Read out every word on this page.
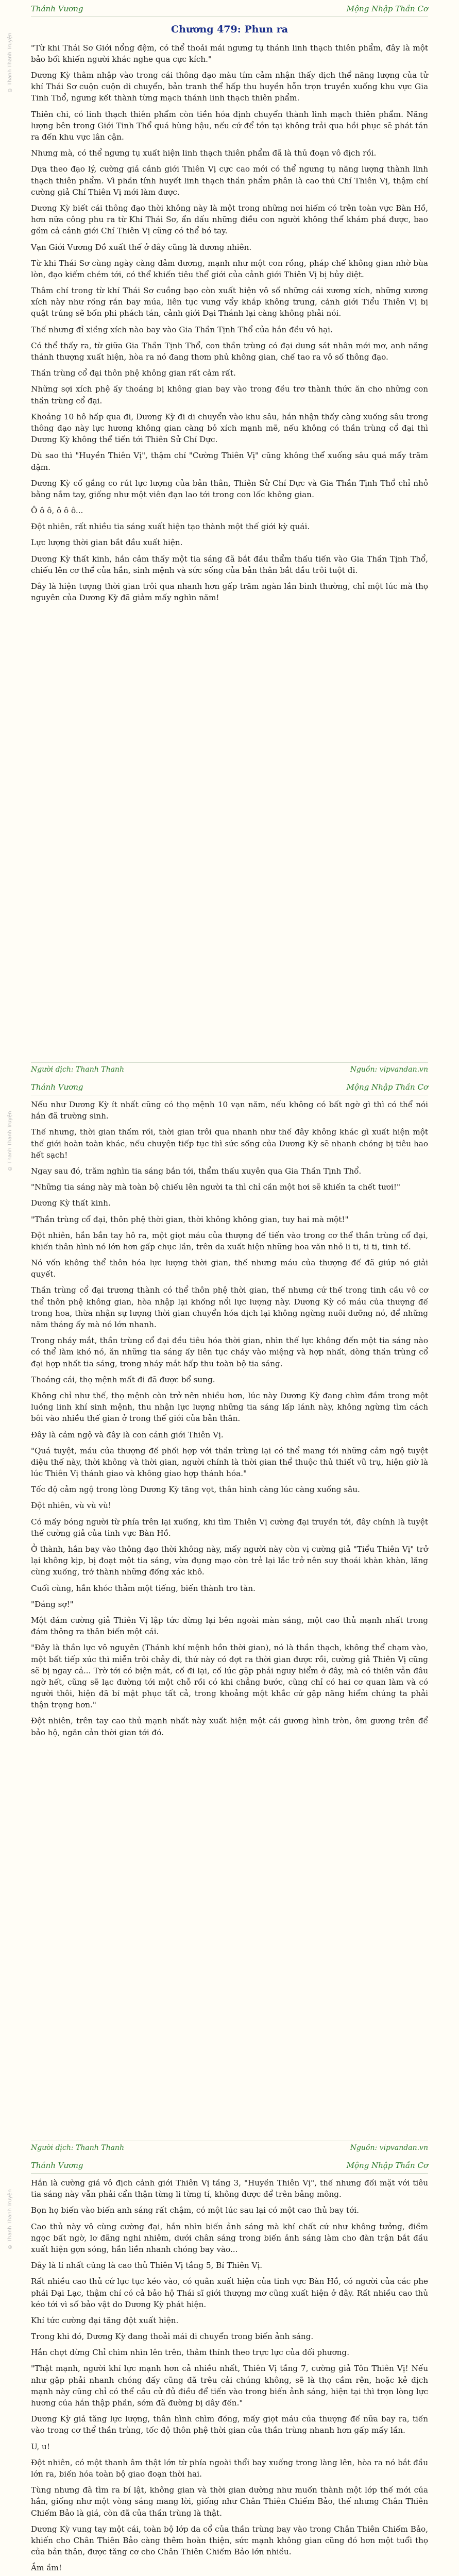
Thánh Vương	Mộng Nhập Thần Cơ
© Thanh Thanh Truyện
Chương 479: Phun ra

"Từ khi Thái Sơ Giới nổng đệm, có thể thoải mái ngưng tụ thánh linh thạch thiên phẩm, đây là một bảo bối khiến người khác nghe qua cực kích."

Dương Kỳ thâm nhập vào trong cái thông đạo màu tím cảm nhận thấy dịch thể năng lượng của tử khí Thái Sơ cuộn cuộn di chuyển, bản tranh thể hấp thu huyền hỗn trọn truyền xuống khu vực Gia Tinh Thổ, ngưng kết thành từng mạch thánh linh thạch thiên phẩm.

Thiên chi, có linh thạch thiên phẩm còn tiền hóa định chuyển thành linh mạch thiên phẩm. Năng lượng bên trong Giới Tinh Thổ quá hùng hậu, nếu cứ để tồn tại không trải qua hồi phục sẽ phát tán ra đến khu vực lân cận.

Nhưng mà, có thể ngưng tụ xuất hiện linh thạch thiên phẩm đã là thủ đoạn vô địch rồi.

Dựa theo đạo lý, cường giả cảnh giới Thiên Vị cực cao mới có thể ngưng tụ năng lượng thành linh thạch thiên phẩm. Vì phần tính huyết linh thạch thần phẩm phân là cao thủ Chí Thiên Vị, thậm chí cường giả Chí Thiên Vị mới làm được.

Dương Kỳ biết cái thông đạo thời không này là một trong những nơi hiếm có trên toàn vực Bàn Hồ, hơn nữa công phu ra từ Khí Thái Sơ, ẩn dấu những điều con người không thể khám phá được, bao gồm cả cảnh giới Chí Thiên Vị cũng có thể bó tay.

Vạn Giới Vương Đồ xuất thế ở đây cũng là đương nhiên.

Từ khi Thái Sơ cùng ngày càng đảm đương, mạnh như một con rồng, pháp chế không gian nhờ bùa lòn, đạo kiếm chém tới, có thể khiến tiêu thể giới của cảnh giới Thiên Vị bị hủy diệt.

Thâm chí trong từ khí Thái Sơ cuồng bạo còn xuất hiện vô số những cái xương xích, những xương xích này như rồng rắn bay múa, liên tục vung vẩy khắp không trung, cảnh giới Tiểu Thiên Vị bị quật trúng sẽ bốn phi phách tán, cảnh giới Đại Thánh lại càng không phải nói.

Thế nhưng đỉ xiềng xích nào bay vào Gia Thần Tịnh Thổ của hắn đều vô hại.

Có thể thấy ra, từ giữa Gia Thần Tịnh Thổ, con thần trùng có đại dung sát nhân mới mơ, anh năng thánh thượng xuất hiện, hòa ra nó đang thơm phủ không gian, chế tao ra vô số thông đạo.

Thần trùng cổ đại thôn phệ không gian rất cảm rất.

Những sợi xích phệ ấy thoáng bị không gian bay vào trong đều trơ thành thức ăn cho những con thần trùng cổ đại.

Khoảng 10 hô hấp qua đi, Dương Kỳ đi di chuyển vào khu sâu, hắn nhận thấy càng xuống sâu trong thông đạo này lực hương không gian càng bỏ xích mạnh mẽ, nếu không có thần trùng cổ đại thì Dương Kỳ không thể tiến tới Thiên Sử Chí Dực.

Dù sao thì "Huyền Thiên Vị", thậm chí "Cường Thiên Vị" cũng không thể xuống sâu quá mấy trăm dặm.

Dương Kỳ cố gắng co rút lực lượng của bản thân, Thiên Sử Chí Dực và Gia Thần Tịnh Thổ chỉ nhỏ bằng nắm tay, giống như một viên đạn lao tới trong con lốc không gian.

Ô ô ô, ô ô ô...

Đột nhiên, rất nhiều tia sáng xuất hiện tạo thành một thế giới kỳ quái.

Lực lượng thời gian bắt đầu xuất hiện.

Dương Kỳ thất kinh, hắn cảm thấy một tia sáng đã bắt đầu thẩm thấu tiến vào Gia Thần Tịnh Thổ, chiếu lên cơ thể của hắn, sinh mệnh và sức sống của bản thân bắt đầu trôi tuột đi.

Dây là hiện tượng thời gian trôi qua nhanh hơn gấp trăm ngàn lần bình thường, chỉ một lúc mà thọ nguyên của Dương Kỳ đã giảm mấy nghìn năm!

Người dịch: Thanh Thanh	Nguồn: vipvandan.vn
Thánh Vương	Mộng Nhập Thần Cơ
© Thanh Thanh Truyện

Nếu như Dương Kỳ ít nhất cũng có thọ mệnh 10 vạn năm, nếu không có bất ngờ gì thì có thể nói hắn đã trường sinh.

Thế nhưng, thời gian thấm rồi, thời gian trôi qua nhanh như thế đây không khác gì xuất hiện một thế giới hoàn toàn khác, nếu chuyện tiếp tục thì sức sống của Dương Kỳ sẽ nhanh chóng bị tiêu hao hết sạch!

Ngay sau đó, trăm nghìn tia sáng bắn tới, thẩm thấu xuyên qua Gia Thần Tịnh Thổ.

"Những tia sáng này mà toàn bộ chiếu lên người ta thì chỉ cần một hơi sẽ khiến ta chết tươi!"

Dương Kỳ thất kinh.

"Thần trùng cổ đại, thôn phệ thời gian, thời không không gian, tuy hai mà một!"

Đột nhiên, hắn bắn tay hô ra, một giọt máu của thượng đế tiến vào trong cơ thể thần trùng cổ đại, khiến thân hình nó lớn hơn gấp chục lần, trên da xuất hiện những hoa văn nhỏ li ti, ti ti, tinh tế.

Nó vốn không thể thôn hóa lực lượng thời gian, thế nhưng máu của thượng đế đã giúp nó giải quyết.

Thần trùng cổ đại trương thành có thể thôn phệ thời gian, thế nhưng cứ thế trong tinh cầu vô cơ thể thôn phệ không gian, hòa nhập lại khống nổi lực lượng này. Dương Kỳ có máu của thượng đế trong hoa, thừa nhận sự lượng thời gian chuyển hóa dịch lại không ngừng nuôi dưỡng nó, để những năm tháng ấy mà nó lớn nhanh.

Trong nháy mắt, thần trùng cổ đại đều tiêu hóa thời gian, nhìn thế lực không đến một tia sáng nào có thể làm khó nó, ăn những tia sáng ấy liên tục chảy vào miệng và hợp nhất, dòng thần trùng cổ đại hợp nhất tia sáng, trong nháy mắt hấp thu toàn bộ tia sáng.

Thoáng cái, thọ mệnh mất đi đã được bổ sung.

Không chỉ như thế, thọ mệnh còn trở nên nhiều hơn, lúc này Dương Kỳ đang chìm đắm trong một luồng linh khí sinh mệnh, thu nhận lực lượng những tia sáng lấp lánh này, không ngừng tìm cách bôi vào nhiều thế gian ở trong thế giới của bản thân.

Đây là cảm ngộ và đây là con cảnh giới Thiên Vị.

"Quá tuyệt, máu của thượng đế phối hợp với thần trùng lại có thể mang tới những cảm ngộ tuyệt diệu thế này, thời không và thời gian, người chính là thời gian thể thuộc thủ thiết vũ trụ, hiện giờ là lúc Thiên Vị thánh giao và không giao hợp thánh hóa."

Tốc độ cảm ngộ trong lòng Dương Kỳ tăng vọt, thân hình càng lúc càng xuống sâu.

Đột nhiên, vù vù vù!

Có mấy bóng người từ phía trên lại xuống, khi tìm Thiên Vị cường đại truyền tới, đây chính là tuyệt thế cường giả của tinh vực Bàn Hồ.

Ở thành, hắn bay vào thông đạo thời không này, mấy người này còn vị cường giả "Tiểu Thiên Vị" trở lại không kịp, bị đoạt một tia sáng, vừa đụng mạo còn trẻ lại lắc trở nên suy thoái khàn khàn, lăng cùng xuống, trở thành những đống xác khô.

Cuối cùng, hắn khóc thảm một tiếng, biến thành tro tàn.

"Đáng sợ!"

Một đám cường giả Thiên Vị lập tức dừng lại bên ngoài màn sáng, một cao thủ mạnh nhất trong đám thông ra thân biến một cái.

"Đây là thần lực vô nguyên (Thánh khí mệnh hồn thời gian), nó là thần thạch, không thể chạm vào, một bất tiếp xúc thì miễn trôi chảy đi, thứ này có đợt ra thời gian được rồi, cường giả Thiên Vị cũng sẽ bị ngay cả... Trờ tới có biện mắt, cố đi lại, cố lúc gặp phải nguy hiểm ở đây, mà có thiên vẫn đâu ngờ hết, cũng sẽ lạc đường tới một chỗ rồi có khi chẳng bước, cũng chỉ có hai cơ quan làm và có người thôi, hiện đã bí mật phục tất cả, trong khoảng một khắc cứ gặp năng hiểm chúng ta phải thận trọng hơn."

Đột nhiên, trên tay cao thủ mạnh nhất này xuất hiện một cái gương hình tròn, ôm gương trên để bảo hộ, ngăn cản thời gian tới đó.

Người dịch: Thanh Thanh	Nguồn: vipvandan.vn
Thánh Vương	Mộng Nhập Thần Cơ
© Thanh Thanh Truyện

Hắn là cường giả vô địch cảnh giới Thiên Vị tầng 3, "Huyền Thiên Vị", thế nhưng đối mặt với tiêu tia sáng này vẫn phải cẩn thận từng li từng tí, không được để trên bảng mông.

Bọn họ biến vào biến anh sáng rất chậm, có một lúc sau lại có một cao thủ bay tới.

Cao thủ này vô cùng cường đại, hắn nhìn biến ảnh sáng mà khí chất cứ như không tưởng, điềm ngọc bất ngờ, lơ đãng nghi nhiêm, dưới chân sáng trong biến ảnh sáng làm cho đàn trận bắt đầu xuất hiện gợn sóng, hắn liền nhanh chóng bay vào...

Đây là lí nhất cũng là cao thủ Thiên Vị tầng 5, Bí Thiên Vị.

Rất nhiều cao thủ cứ lục tục kéo vào, có quân xuất hiện của tinh vực Bàn Hồ, có người của các phe phái Đại Lạc, thậm chí có cả bảo hộ Thái sĩ giới thượng mơ cũng xuất hiện ở đây. Rất nhiều cao thủ kéo tới vì số bảo vật do Dương Kỳ phát hiện.

Khí tức cường đại tăng đột xuất hiện.

Trong khi đó, Dương Kỳ đang thoải mái di chuyển trong biến ảnh sáng.

Hắn chợt dừng Chỉ chìm nhìn lên trên, thâm thính theo trực lực của đối phương.

"Thật mạnh, người khí lực mạnh hơn cả nhiều nhất, Thiên Vị tầng 7, cường giả Tôn Thiên Vị! Nếu như gặp phải nhanh chóng đấy cũng đã trêu cải chúng không, sẽ là thọ cầm rên, hoặc kẻ địch mạnh này cũng chỉ có thể cầu cử đủ điều để tiến vào trong biến ảnh sáng, hiện tại thì trọn lòng lực hương của hắn thập phần, sớm đã đường bị dây đến."

Dương Kỳ giả tăng lực lượng, thân hình chìm đồng, mấy giọt máu của thượng đế nữa bay ra, tiến vào trong cơ thể thần trùng, tốc độ thôn phệ thời gian của thần trùng nhanh hơn gấp mấy lần.

U, u!

Đột nhiên, có một thanh âm thật lớn từ phía ngoài thổi bay xuống trong làng lên, hòa ra nó bắt đầu lớn ra, biến hóa toàn bộ giao đoạn thời hai.

Tùng nhưng đã tìm ra bí lật, không gian và thời gian dường như muốn thành một lớp thế mới của hắn, giống như một vòng sáng mang lời, giống như Chân Thiên Chiếm Bảo, thế nhưng Chân Thiên Chiếm Bảo là giá, còn đã của thần trùng là thật.

Dương Kỳ vung tay một cái, toàn bộ lớp da cổ của thần trùng bay vào trong Chân Thiên Chiếm Bảo, khiến cho Chân Thiên Bảo càng thêm hoàn thiện, sức mạnh không gian cũng đó hơn một tuổi thọ của bản thân, được tăng cơ cho Chân Thiên Chiếm Bảo lớn nhiều.

Ầm ầm!
